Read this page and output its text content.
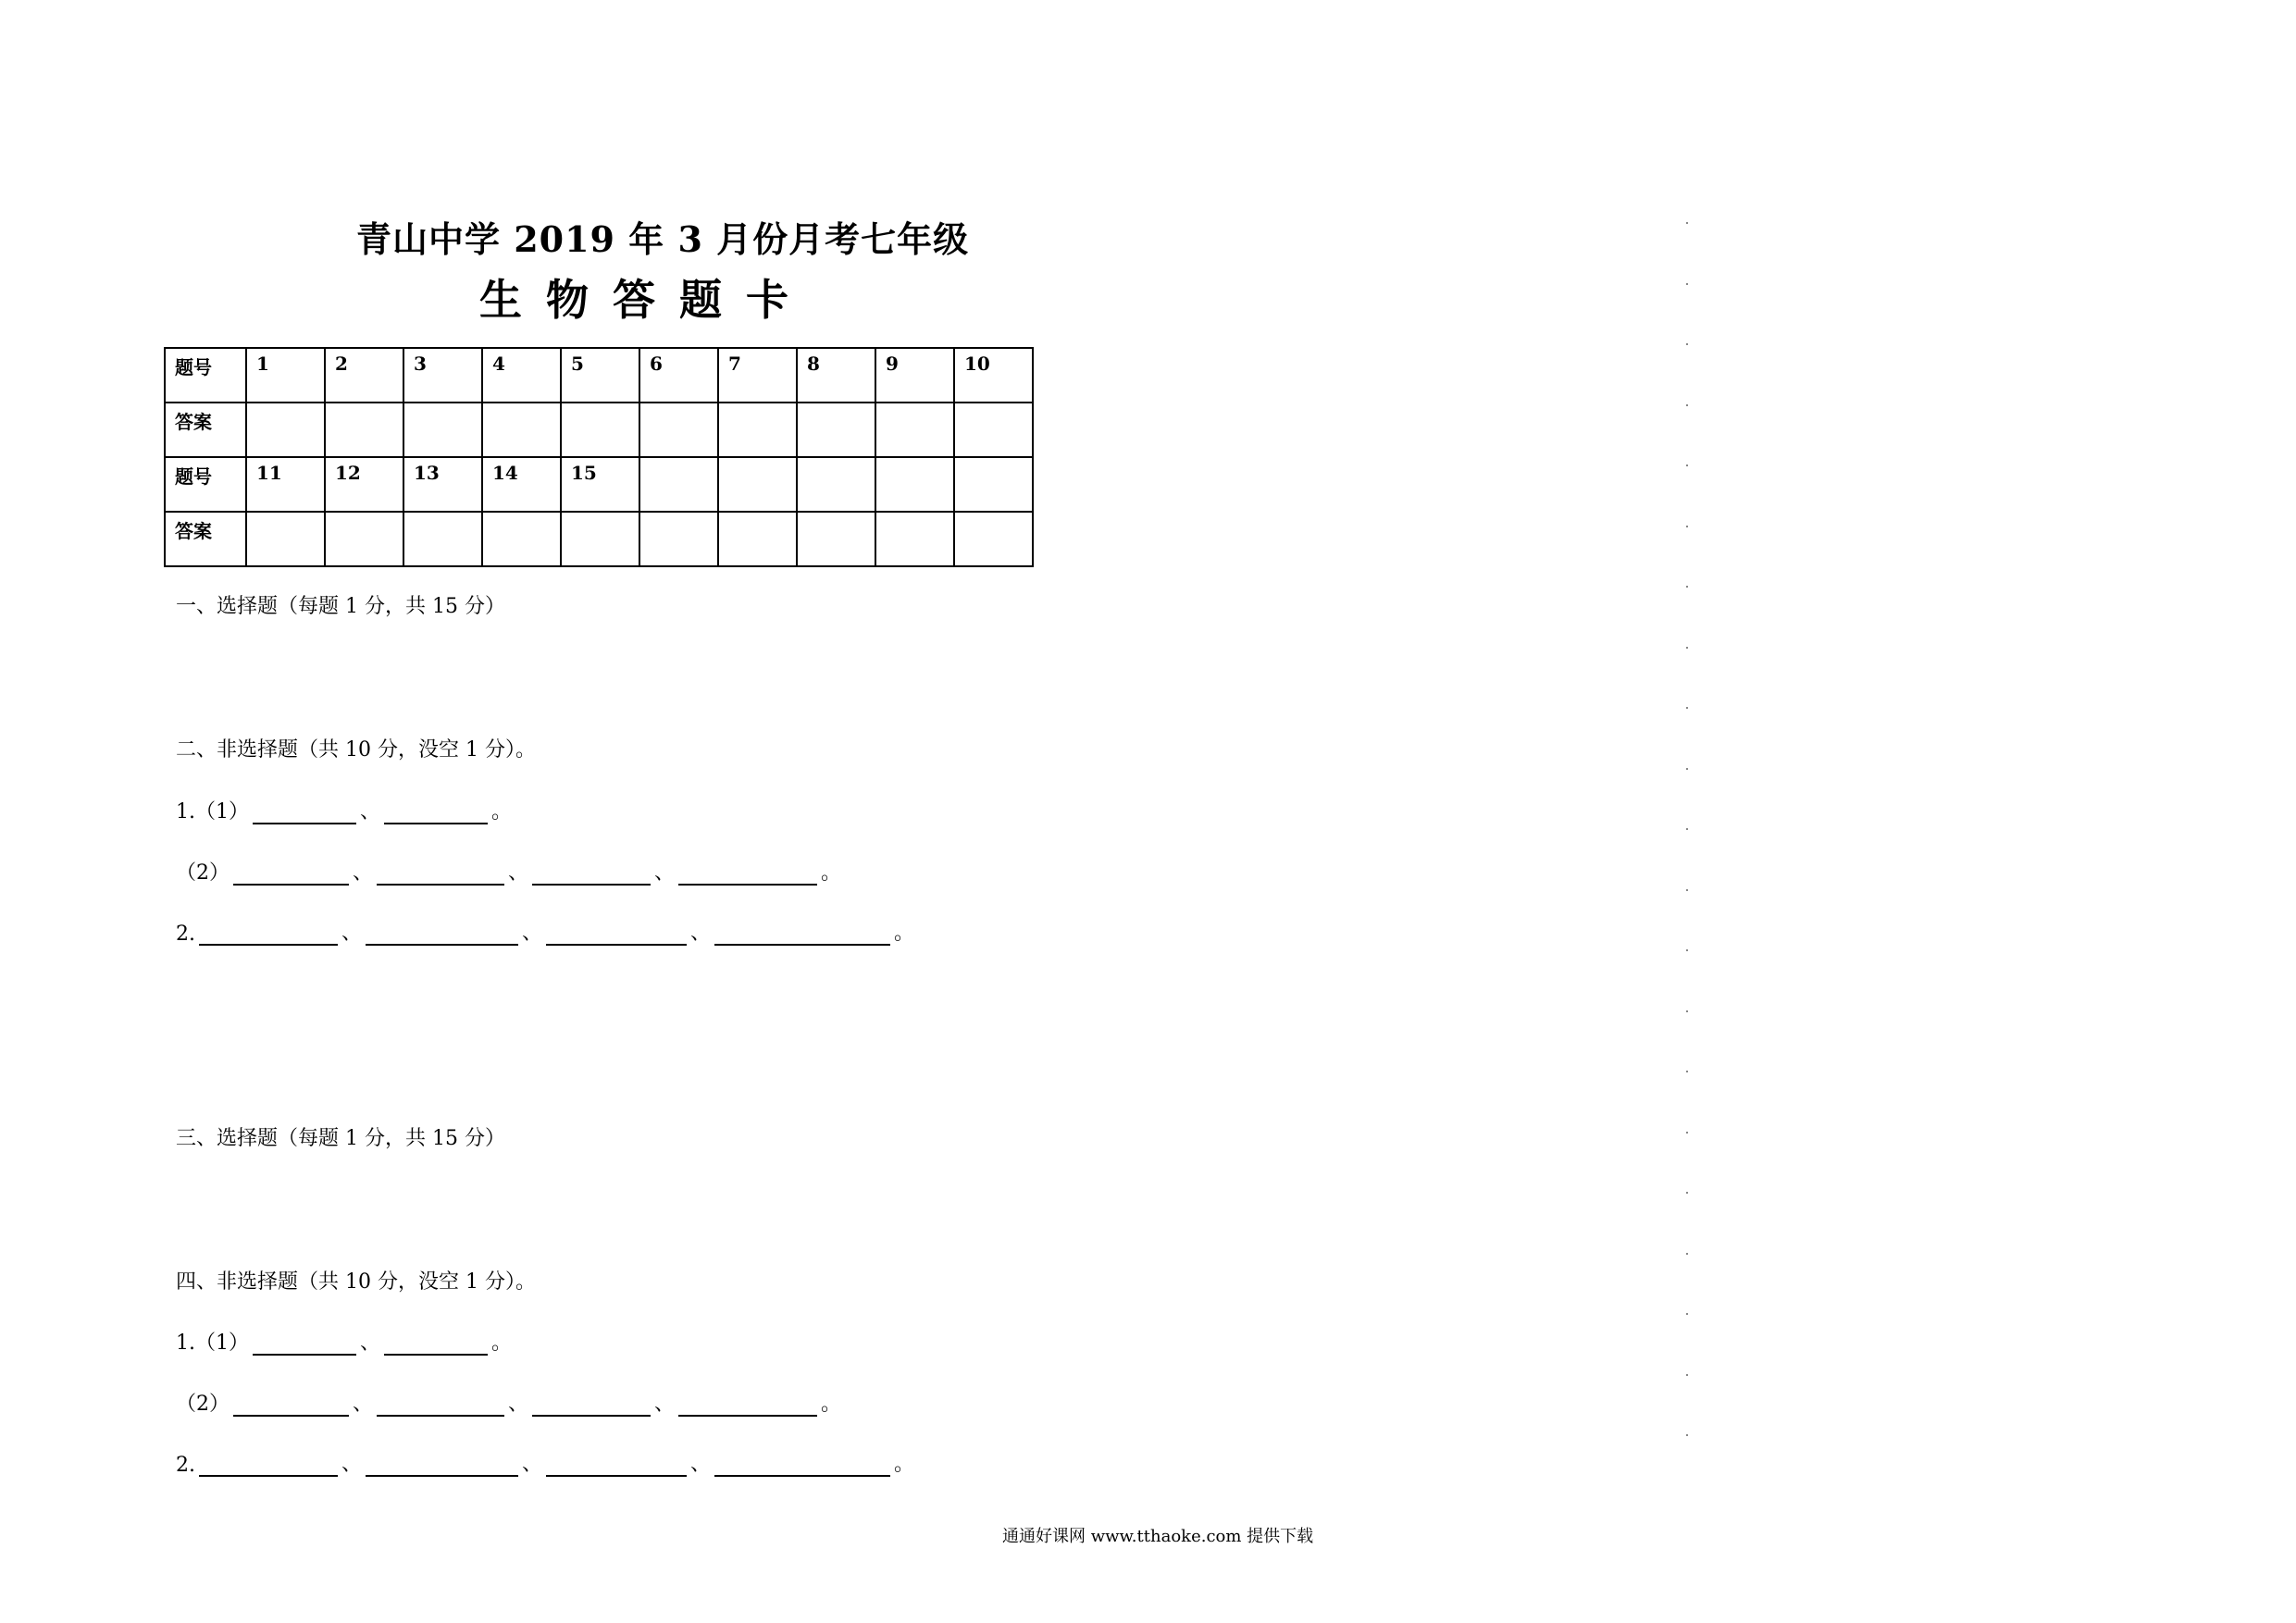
青山中学 2019 年 3 月份月考七年级
生物答题卡
题号	1	2	3	4	5	6	7	8	9	10
答案										
题号	11	12	13	14	15					
答案										
一、选择题（每题 1 分，共 15 分）
二、非选择题（共 10 分，没空 1 分）。
1.（1）	、	。
（2）	、	、	、	。
2.	、	、	、	。
三、选择题（每题 1 分，共 15 分）
四、非选择题（共 10 分，没空 1 分）。
1.（1）	、	。
（2）	、	、	、	。
2.	、	、	、	。
通通好课网 www.tthaoke.com 提供下载
